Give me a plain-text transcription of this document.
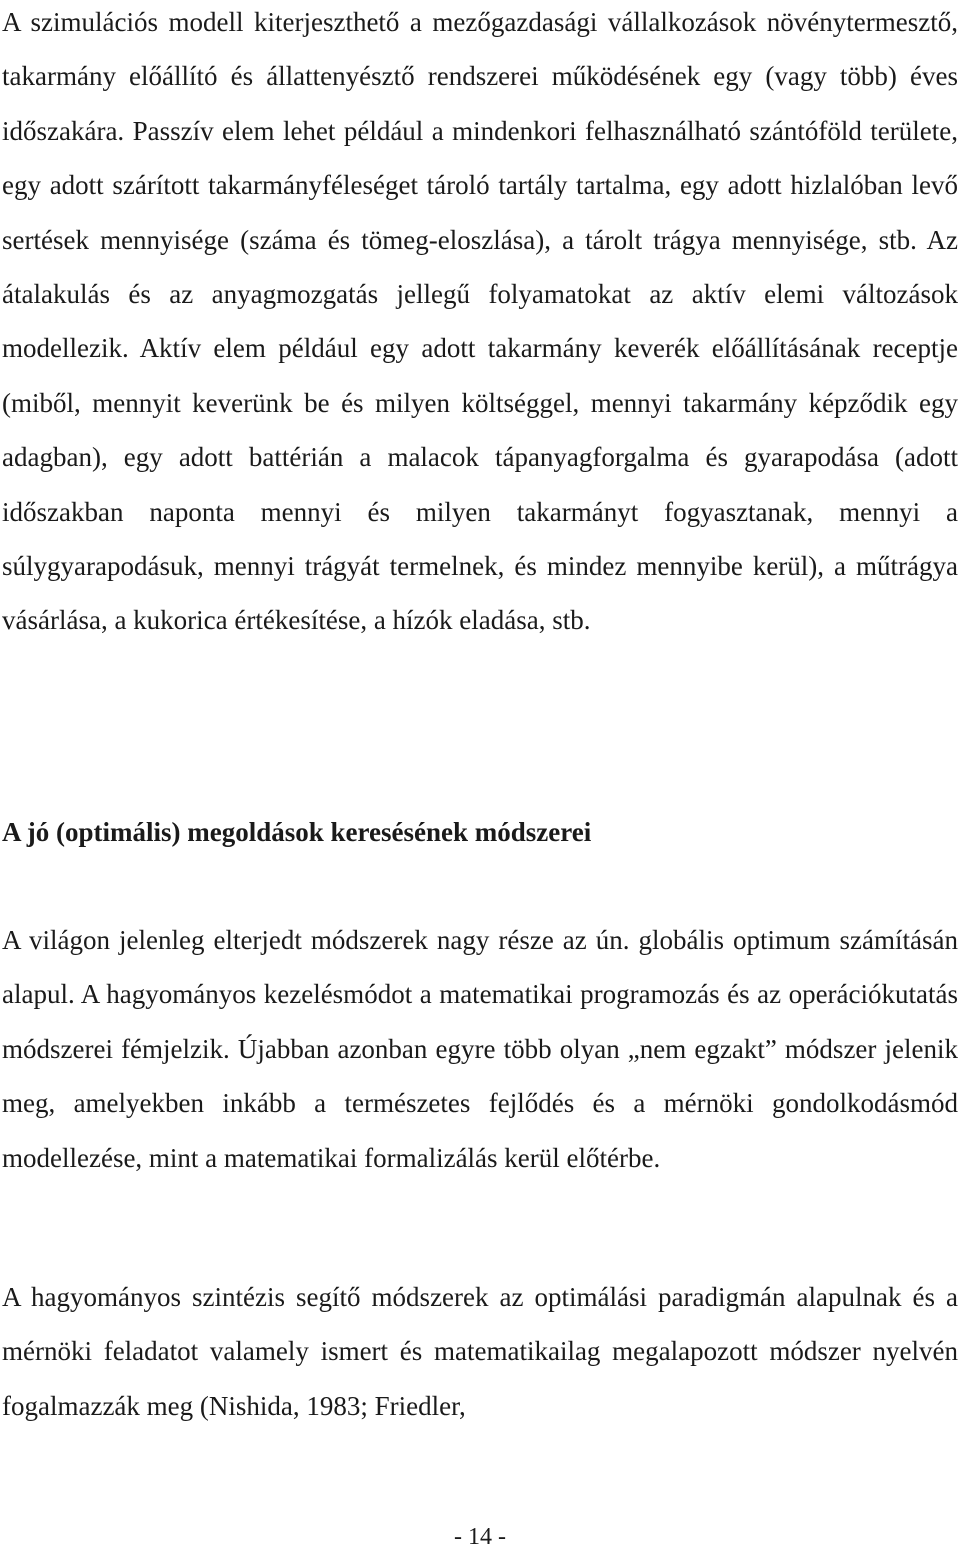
A szimulációs modell kiterjeszthető a mezőgazdasági vállalkozások növénytermesztő, takarmány előállító és állattenyésztő rendszerei működésének egy (vagy több) éves időszakára. Passzív elem lehet például a mindenkori felhasználható szántóföld területe, egy adott szárított takarmányféleséget tároló tartály tartalma, egy adott hizlalóban levő sertések mennyisége (száma és tömeg-eloszlása), a tárolt trágya mennyisége, stb. Az átalakulás és az anyagmozgatás jellegű folyamatokat az aktív elemi változások modellezik. Aktív elem például egy adott takarmány keverék előállításának receptje (miből, mennyit keverünk be és milyen költséggel, mennyi takarmány képződik egy adagban), egy adott battérián a malacok tápanyagforgalma és gyarapodása (adott időszakban naponta mennyi és milyen takarmányt fogyasztanak, mennyi a súlygyarapodásuk, mennyi trágyát termelnek, és mindez mennyibe kerül), a műtrágya vásárlása, a kukorica értékesítése, a hízók eladása, stb.

A jó (optimális) megoldások keresésének módszerei

A világon jelenleg elterjedt módszerek nagy része az ún. globális optimum számításán alapul. A hagyományos kezelésmódot a matematikai programozás és az operációkutatás módszerei fémjelzik. Újabban azonban egyre több olyan „nem egzakt” módszer jelenik meg, amelyekben inkább a természetes fejlődés és a mérnöki gondolkodásmód modellezése, mint a matematikai formalizálás kerül előtérbe.

A hagyományos szintézis segítő módszerek az optimálási paradigmán alapulnak és a mérnöki feladatot valamely ismert és matematikailag megalapozott módszer nyelvén fogalmazzák meg (Nishida, 1983; Friedler,

- 14 -
